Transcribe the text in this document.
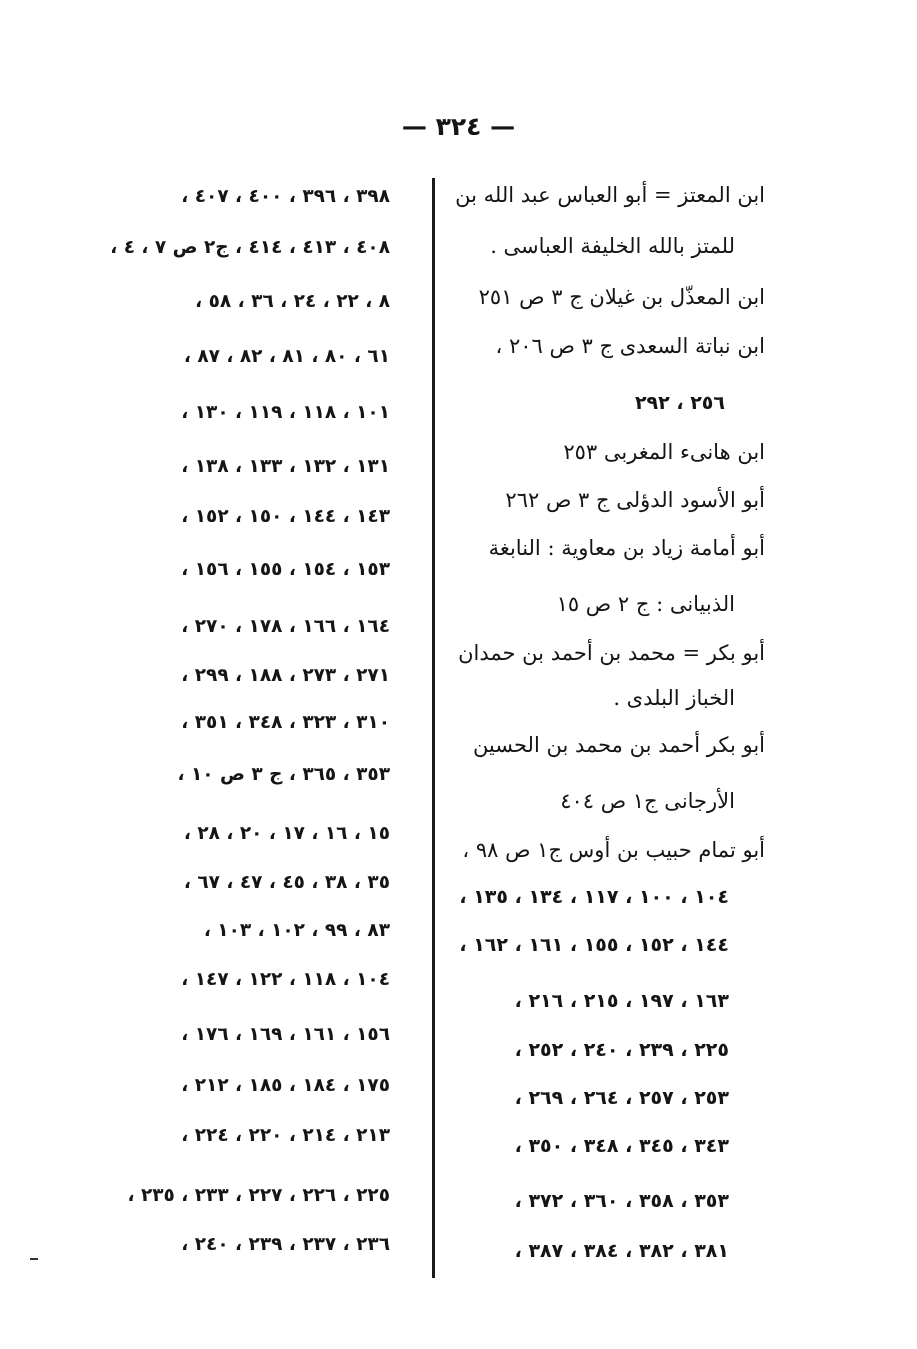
— ٣٢٤ —
ابن المعتز = أبو العباس عبد الله بن
للمتز بالله الخليفة العباسى .
ابن المعذّل بن غيلان ج ٣ ص ٢٥١
ابن نباتة السعدى ج ٣ ص ٢٠٦ ،
٢٥٦ ، ٢٩٢
ابن هانىء المغربى ٢٥٣
أبو الأسود الدؤلى ج ٣ ص ٢٦٢
أبو أمامة زياد بن معاوية : النابغة
الذبيانى : ج ٢ ص ١٥
أبو بكر = محمد بن أحمد بن حمدان
الخباز البلدى .
أبو بكر أحمد بن محمد بن الحسين
الأرجانى ج١ ص ٤٠٤
أبو تمام حبيب بن أوس ج١ ص ٩٨ ،
١٠٤ ، ١٠٠ ، ١١٧ ، ١٣٤ ، ١٣٥ ،
١٤٤ ، ١٥٢ ، ١٥٥ ، ١٦١ ، ١٦٢ ،
١٦٣ ، ١٩٧ ، ٢١٥ ، ٢١٦ ،
٢٢٥ ، ٢٣٩ ، ٢٤٠ ، ٢٥٢ ،
٢٥٣ ، ٢٥٧ ، ٢٦٤ ، ٢٦٩ ،
٣٤٣ ، ٣٤٥ ، ٣٤٨ ، ٣٥٠ ،
٣٥٣ ، ٣٥٨ ، ٣٦٠ ، ٣٧٢ ،
٣٨١ ، ٣٨٢ ، ٣٨٤ ، ٣٨٧ ،
٣٩٨ ، ٣٩٦ ، ٤٠٠ ، ٤٠٧ ،
٤٠٨ ، ٤١٣ ، ٤١٤ ، ج٢ ص ٧ ، ٤ ،
٨ ، ٢٢ ، ٢٤ ، ٣٦ ، ٥٨ ،
٦١ ، ٨٠ ، ٨١ ، ٨٢ ، ٨٧ ،
١٠١ ، ١١٨ ، ١١٩ ، ١٣٠ ،
١٣١ ، ١٣٢ ، ١٣٣ ، ١٣٨ ،
١٤٣ ، ١٤٤ ، ١٥٠ ، ١٥٢ ،
١٥٣ ، ١٥٤ ، ١٥٥ ، ١٥٦ ،
١٦٤ ، ١٦٦ ، ١٧٨ ، ٢٧٠ ،
٢٧١ ، ٢٧٣ ، ١٨٨ ، ٢٩٩ ،
٣١٠ ، ٣٢٣ ، ٣٤٨ ، ٣٥١ ،
٣٥٣ ، ٣٦٥ ، ج ٣ ص ١٠ ،
١٥ ، ١٦ ، ١٧ ، ٢٠ ، ٢٨ ،
٣٥ ، ٣٨ ، ٤٥ ، ٤٧ ، ٦٧ ،
٨٣ ، ٩٩ ، ١٠٢ ، ١٠٣ ،
١٠٤ ، ١١٨ ، ١٢٢ ، ١٤٧ ،
١٥٦ ، ١٦١ ، ١٦٩ ، ١٧٦ ،
١٧٥ ، ١٨٤ ، ١٨٥ ، ٢١٢ ،
٢١٣ ، ٢١٤ ، ٢٢٠ ، ٢٢٤ ،
٢٢٥ ، ٢٢٦ ، ٢٢٧ ، ٢٣٣ ، ٢٣٥ ،
٢٣٦ ، ٢٣٧ ، ٢٣٩ ، ٢٤٠ ،
